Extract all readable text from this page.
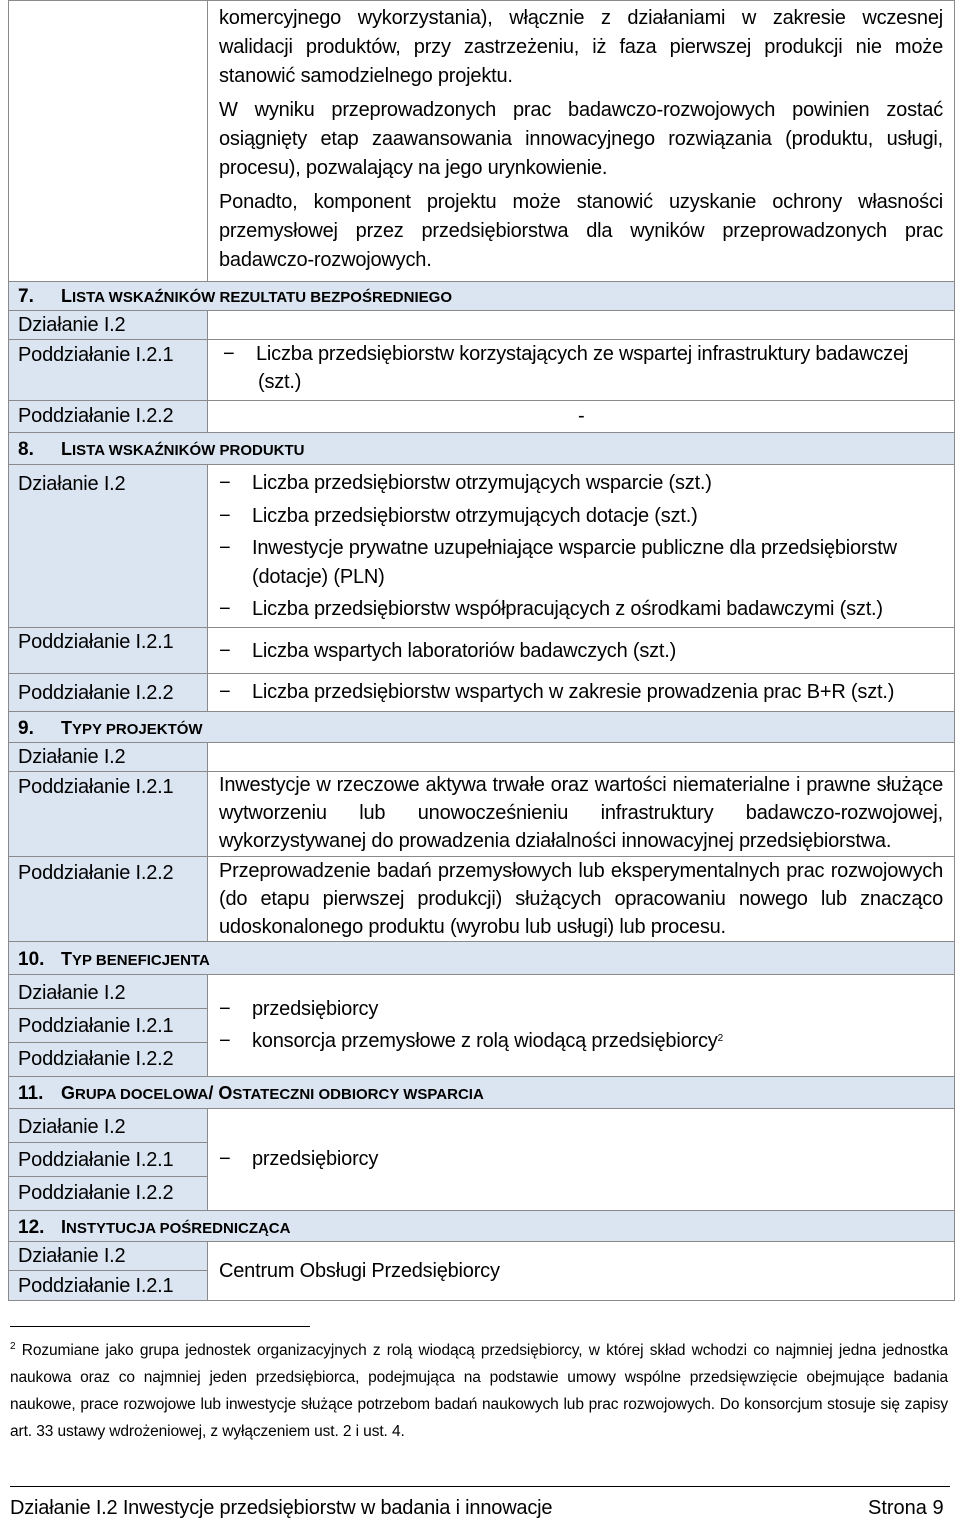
komercyjnego wykorzystania), włącznie z działaniami w zakresie wczesnej walidacji produktów, przy zastrzeżeniu, iż faza pierwszej produkcji nie może stanowić samodzielnego projektu.
W wyniku przeprowadzonych prac badawczo-rozwojowych powinien zostać osiągnięty etap zaawansowania innowacyjnego rozwiązania (produktu, usługi, procesu), pozwalający na jego urynkowienie.
Ponadto, komponent projektu może stanowić uzyskanie ochrony własności przemysłowej przez przedsiębiorstwa dla wyników przeprowadzonych prac badawczo-rozwojowych.
7. LISTA WSKAŹNIKÓW REZULTATU BEZPOŚREDNIEGO
Działanie I.2
Poddziałanie I.2.1 − Liczba przedsiębiorstw korzystających ze wspartej infrastruktury badawczej
(szt.)
Poddziałanie I.2.2	-
8. LISTA WSKAŹNIKÓW PRODUKTU
Działanie I.2	− Liczba przedsiębiorstw otrzymujących wsparcie (szt.)
− Liczba przedsiębiorstw otrzymujących dotacje (szt.)
− Inwestycje prywatne uzupełniające wsparcie publiczne dla przedsiębiorstw
(dotacje) (PLN)
− Liczba przedsiębiorstw współpracujących z ośrodkami badawczymi (szt.)
Poddziałanie I.2.1 − Liczba wspartych laboratoriów badawczych (szt.)
Poddziałanie I.2.2 − Liczba przedsiębiorstw wspartych w zakresie prowadzenia prac B+R (szt.)
9. TYPY PROJEKTÓW
Działanie I.2
Poddziałanie I.2.1 Inwestycje w rzeczowe aktywa trwałe oraz wartości niematerialne i prawne służące wytworzeniu lub unowocześnieniu infrastruktury badawczo-rozwojowej, wykorzystywanej do prowadzenia działalności innowacyjnej przedsiębiorstwa.
Poddziałanie I.2.2 Przeprowadzenie badań przemysłowych lub eksperymentalnych prac rozwojowych (do etapu pierwszej produkcji) służących opracowaniu nowego lub znacząco udoskonalonego produktu (wyrobu lub usługi) lub procesu.
10. TYP BENEFICJENTA
Działanie I.2
Poddziałanie I.2.1
Poddziałanie I.2.2
− przedsiębiorcy
− konsorcja przemysłowe z rolą wiodącą przedsiębiorcy$^2$
11. GRUPA DOCELOWA/ OSTATECZNI ODBIORCY WSPARCIA
Działanie I.2
Poddziałanie I.2.1
Poddziałanie I.2.2
− przedsiębiorcy
12. INSTYTUCJA POŚREDNICZĄCA
Działanie I.2
Poddziałanie I.2.1
Centrum Obsługi Przedsiębiorcy
$^2$ Rozumiane jako grupa jednostek organizacyjnych z rolą wiodącą przedsiębiorcy, w której skład wchodzi co najmniej jedna jednostka naukowa oraz co najmniej jeden przedsiębiorca, podejmująca na podstawie umowy wspólne przedsięwzięcie obejmujące badania naukowe, prace rozwojowe lub inwestycje służące potrzebom badań naukowych lub prac rozwojowych. Do konsorcjum stosuje się zapisy art. 33 ustawy wdrożeniowej, z wyłączeniem ust. 2 i ust. 4.
Działanie I.2 Inwestycje przedsiębiorstw w badania i innowacje	Strona 9
